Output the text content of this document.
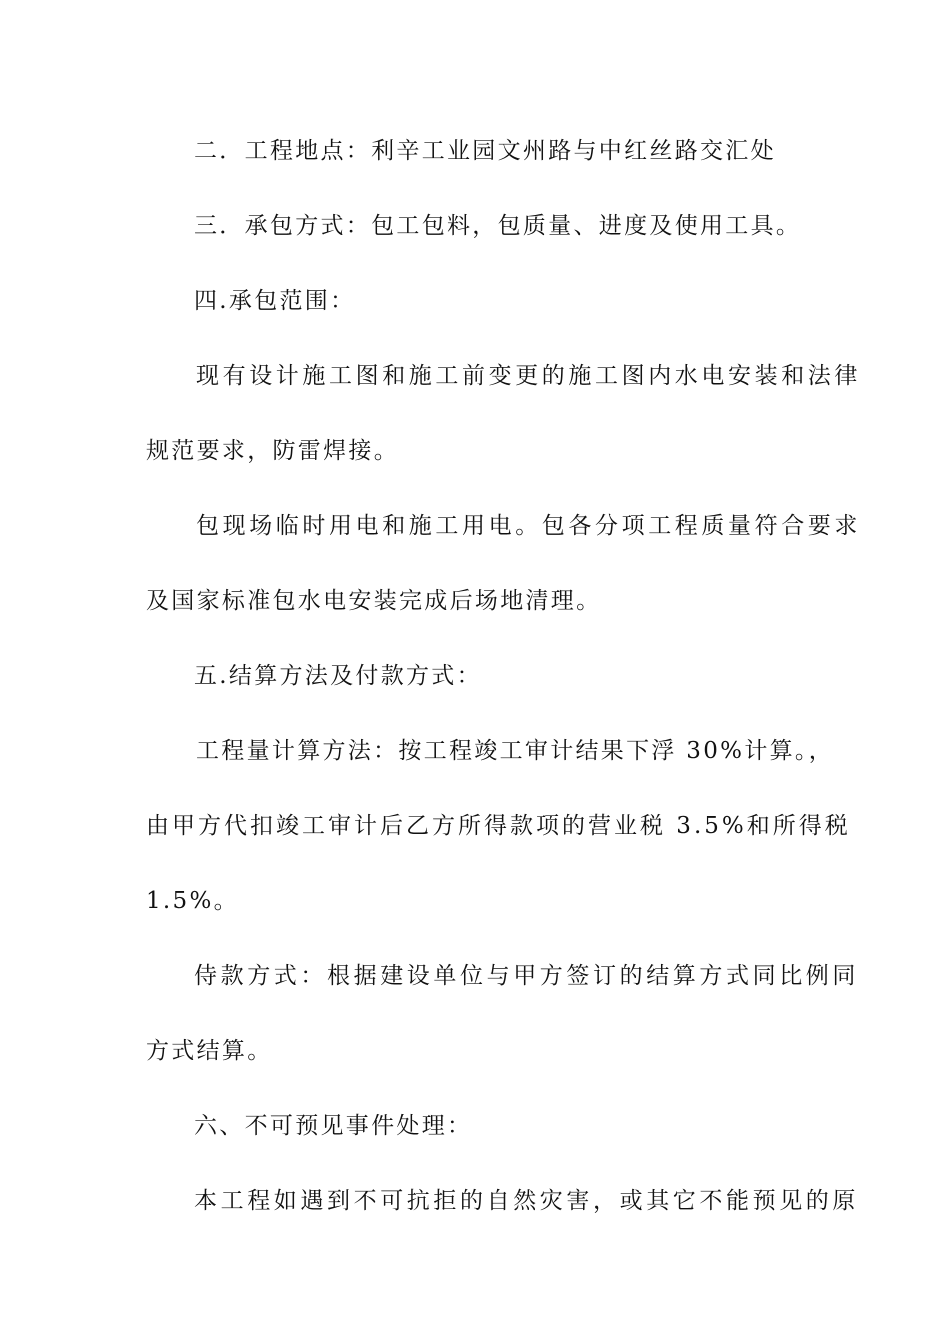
二．工程地点：利辛工业园文州路与中红丝路交汇处
三．承包方式：包工包料，包质量、进度及使用工具。
四.承包范围：
现有设计施工图和施工前变更的施工图内水电安装和法律
规范要求，防雷焊接。
包现场临时用电和施工用电。包各分项工程质量符合要求
及国家标准包水电安装完成后场地清理。
五.结算方法及付款方式：
工程量计算方法：按工程竣工审计结果下浮 30%计算。，
由甲方代扣竣工审计后乙方所得款项的营业税 3.5%和所得税
1.5%。
侍款方式：根据建设单位与甲方签订的结算方式同比例同
方式结算。
六、不可预见事件处理：
本工程如遇到不可抗拒的自然灾害，或其它不能预见的原
